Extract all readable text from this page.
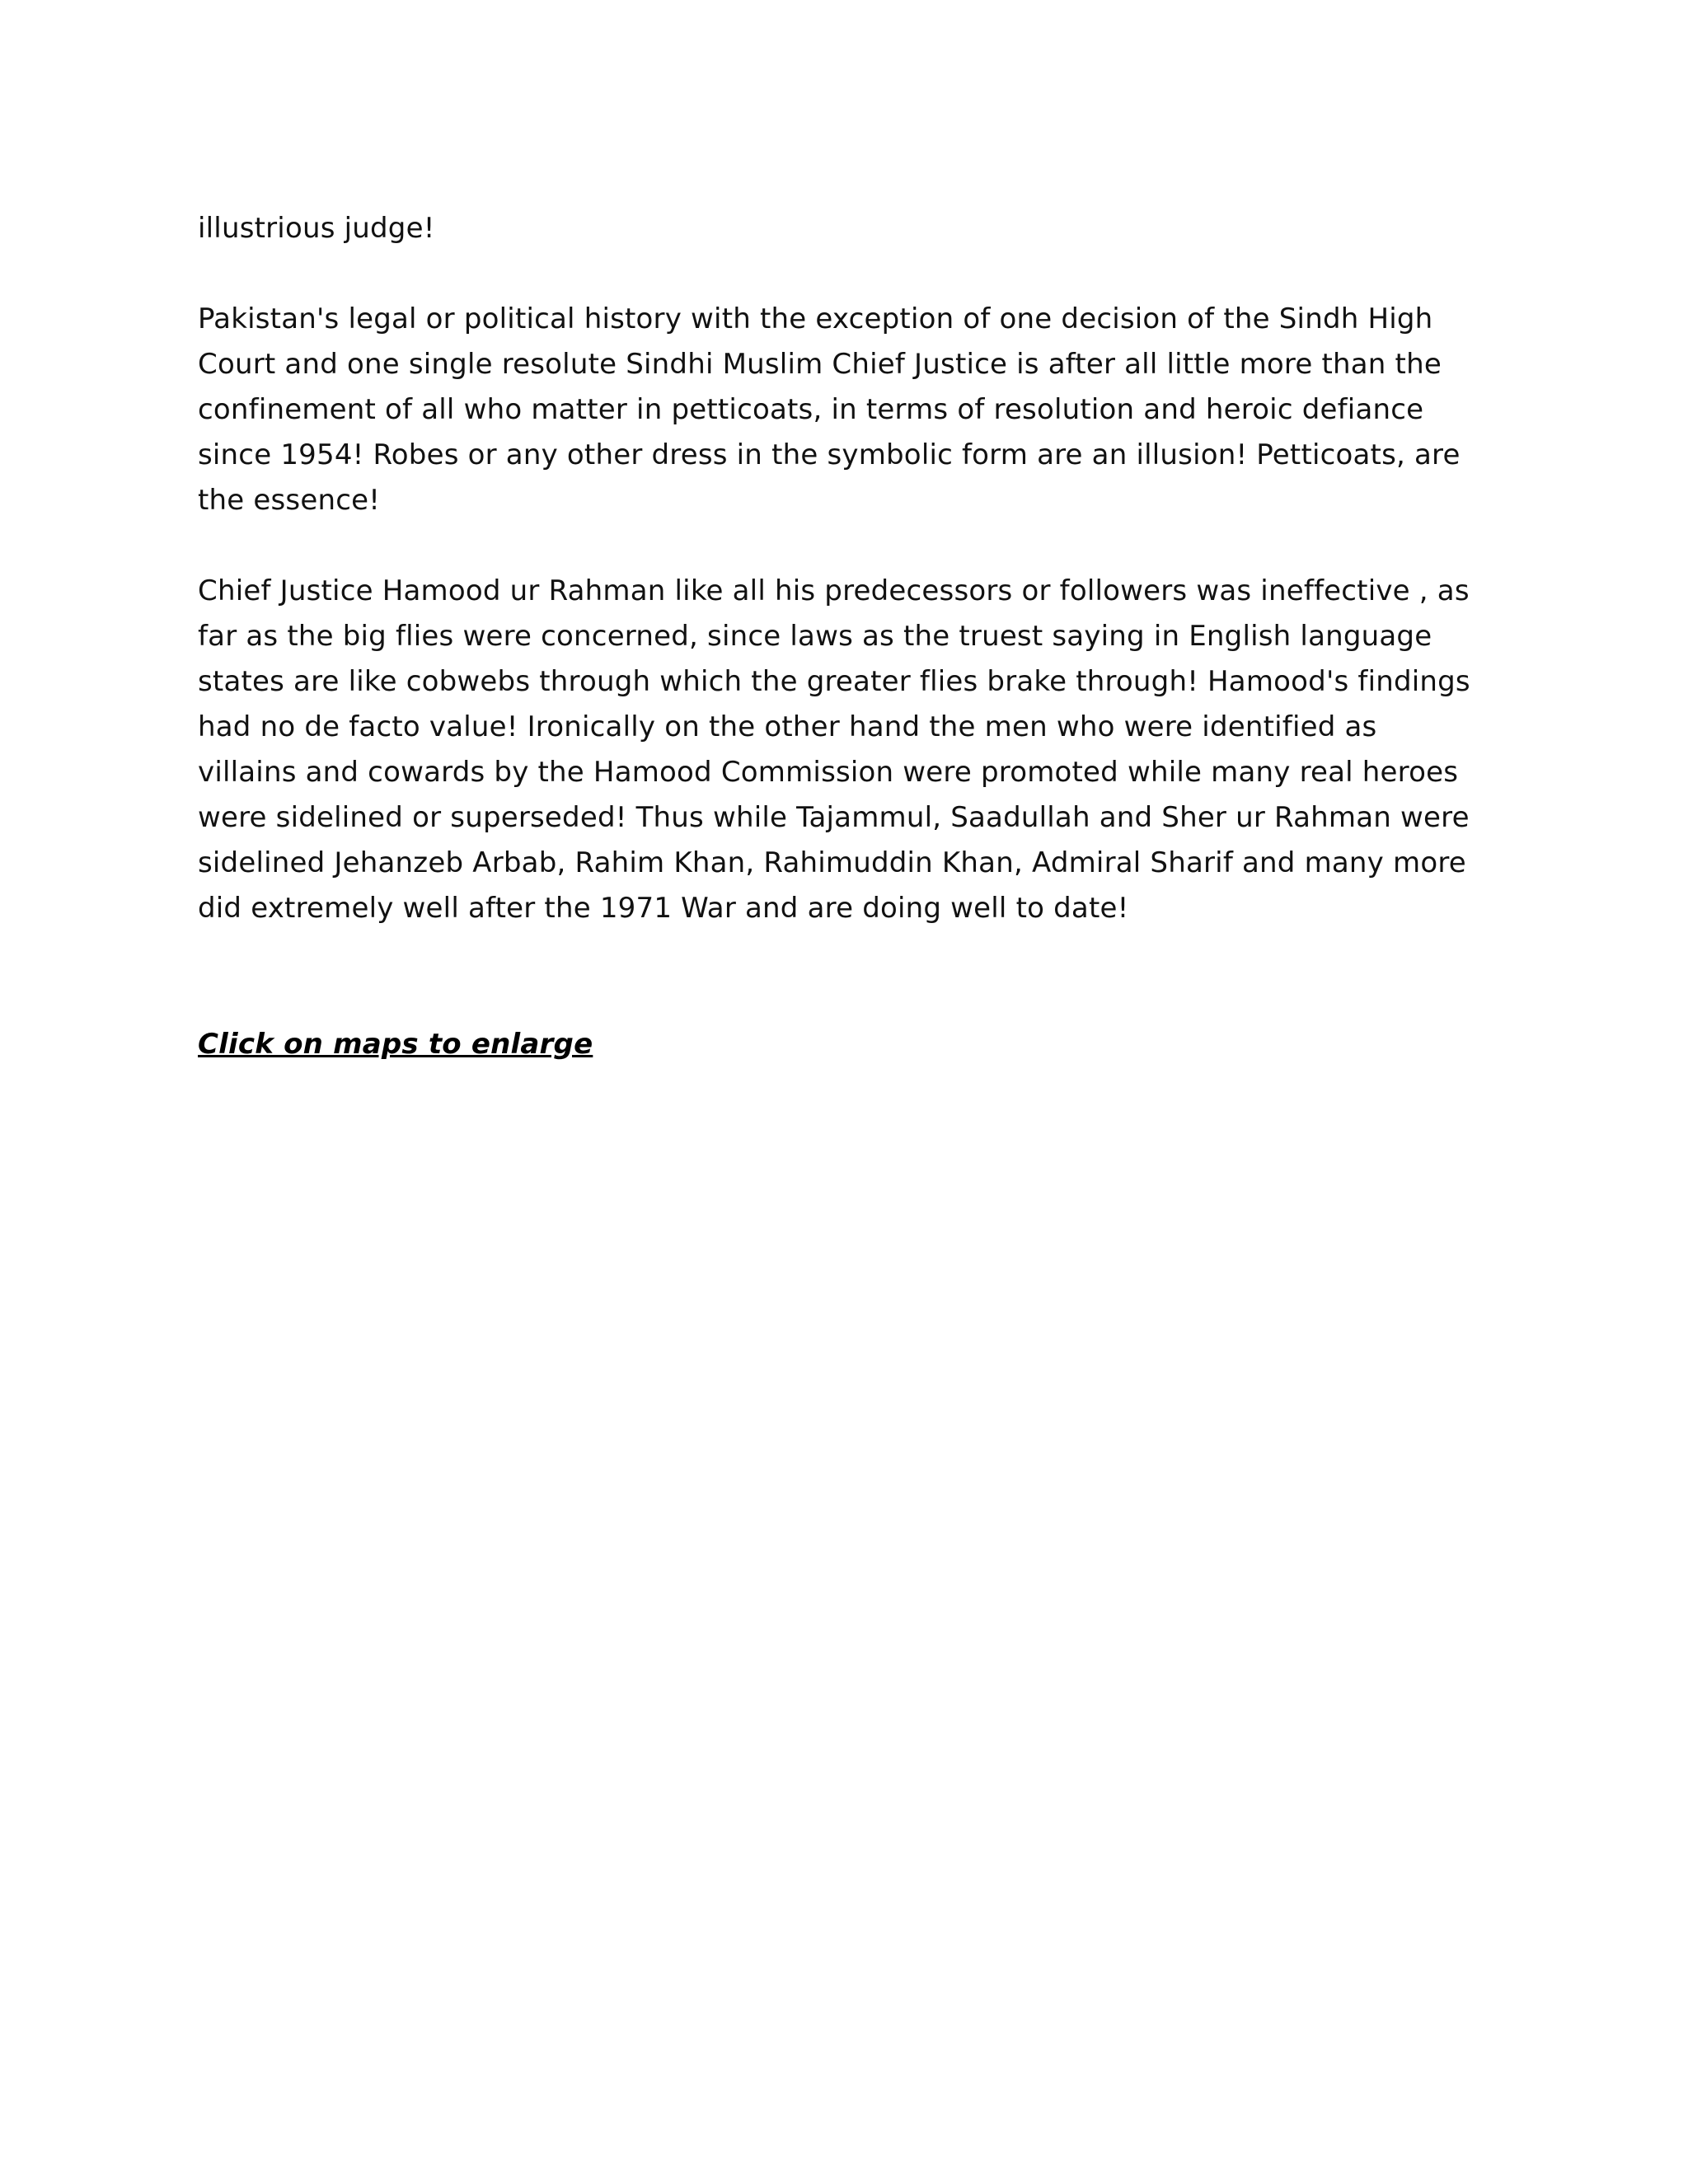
illustrious judge!

Pakistan's legal or political history with the exception of one decision of the Sindh High Court and one single resolute Sindhi Muslim Chief Justice is after all little more than the confinement of all who matter in petticoats, in terms of resolution and heroic defiance since 1954! Robes or any other dress in the symbolic form are an illusion! Petticoats, are the essence!

Chief Justice Hamood ur Rahman like all his predecessors or followers was ineffective , as far as the big flies were concerned, since laws as the truest saying in English language states are like cobwebs through which the greater flies brake through! Hamood's findings had no de facto value! Ironically on the other hand the men who were identified as villains and cowards by the Hamood Commission were promoted while many real heroes were sidelined or superseded! Thus while Tajammul, Saadullah and Sher ur Rahman were sidelined Jehanzeb Arbab, Rahim Khan, Rahimuddin Khan, Admiral Sharif and many more did extremely well after the 1971 War and are doing well to date!

Click on maps to enlarge
